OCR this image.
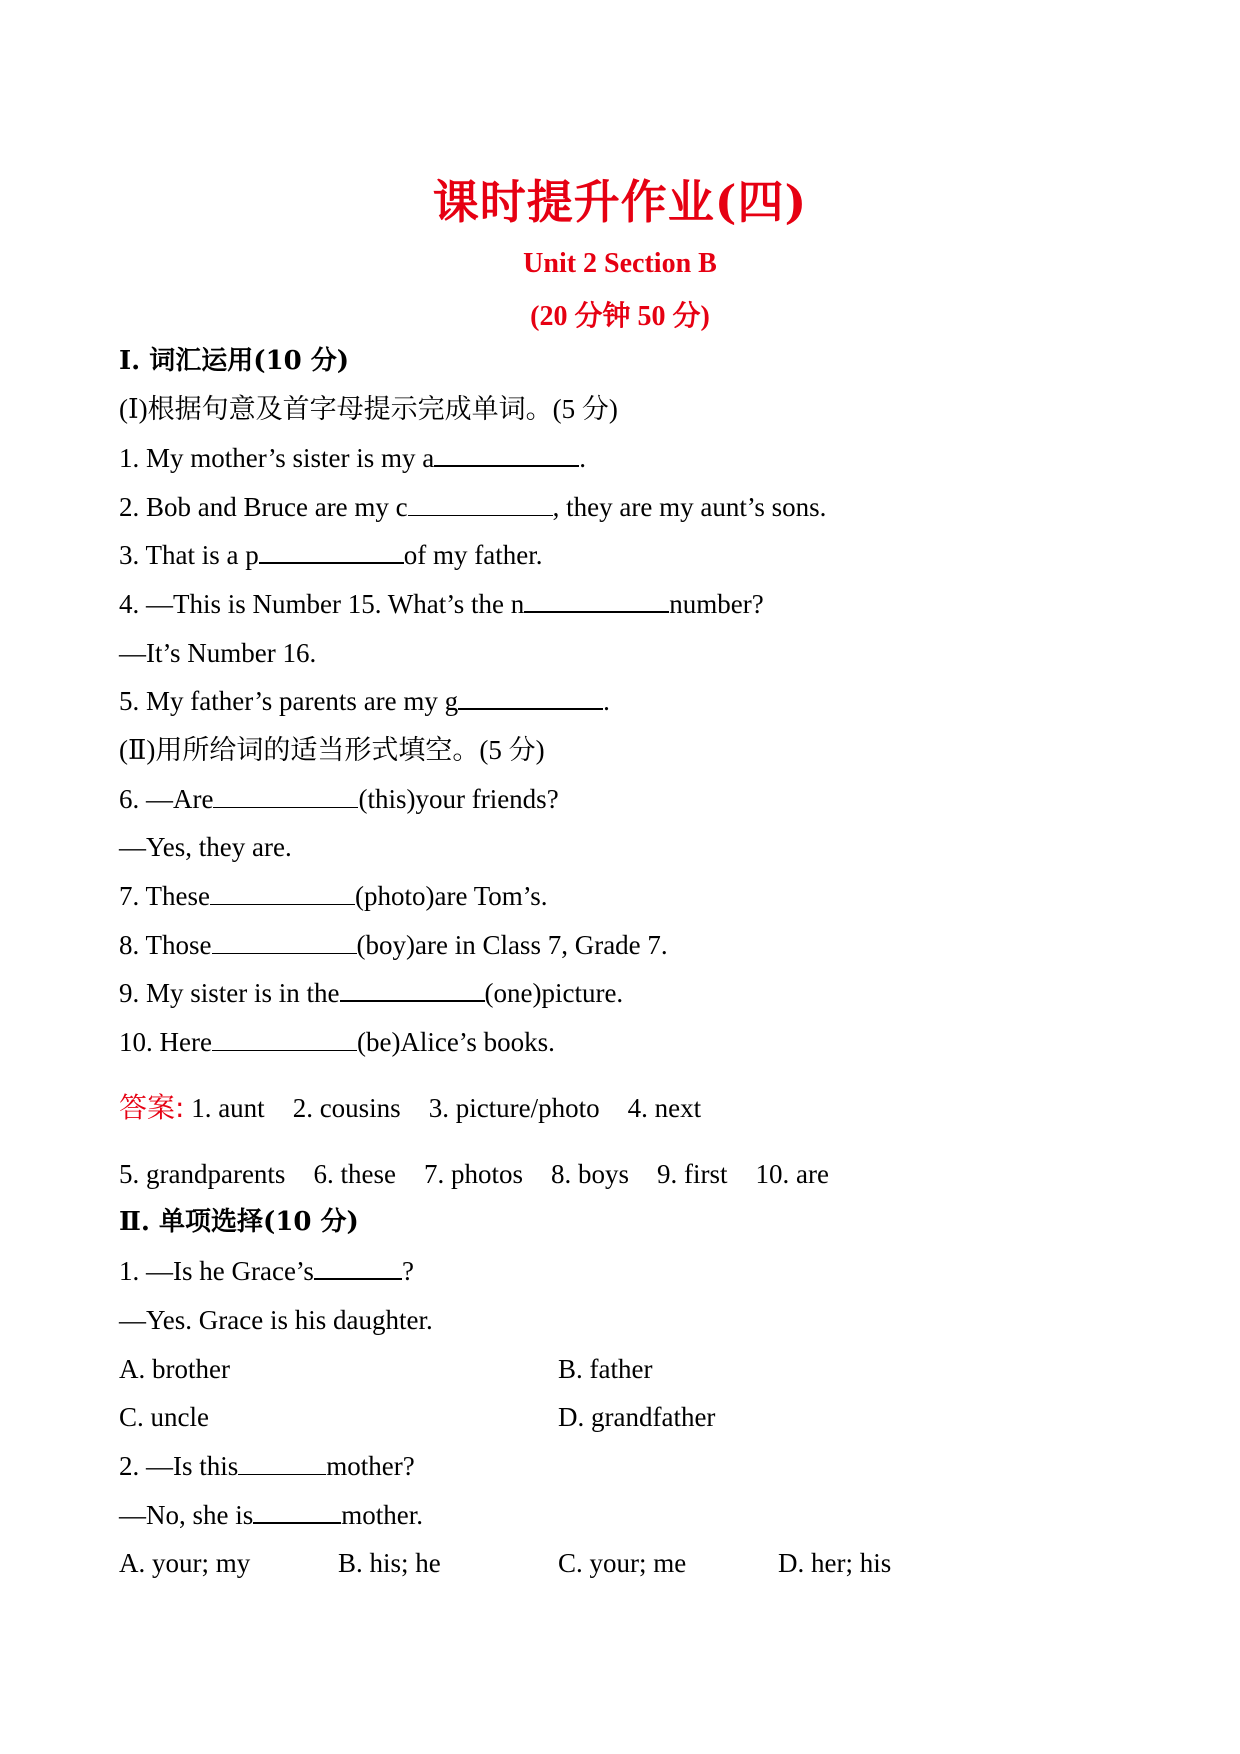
课时提升作业(四)
Unit 2 Section B
(20 分钟 50 分)
Ⅰ. 词汇运用(10 分)
(Ⅰ)根据句意及首字母提示完成单词。(5 分)
1. My mother’s sister is my a	.
2. Bob and Bruce are my c	, they are my aunt’s sons.
3. That is a p	of my father.
4. —This is Number 15. What’s the n	number?
—It’s Number 16.
5. My father’s parents are my g	.
(Ⅱ)用所给词的适当形式填空。(5 分)
6. —Are	(this)your friends?
—Yes, they are.
7. These	(photo)are Tom’s.
8. Those	(boy)are in Class 7, Grade 7.
9. My sister is in the	(one)picture.
10. Here	(be)Alice’s books.
答案: 1. aunt 2. cousins 3. picture/photo 4. next
5. grandparents 6. these 7. photos 8. boys 9. first 10. are
Ⅱ. 单项选择(10 分)
1. —Is he Grace’s	?
—Yes. Grace is his daughter.
A. brother	B. father
C. uncle	D. grandfather
2. —Is this	mother?
—No, she is	mother.
A. your; my	B. his; he	C. your; me	D. her; his
